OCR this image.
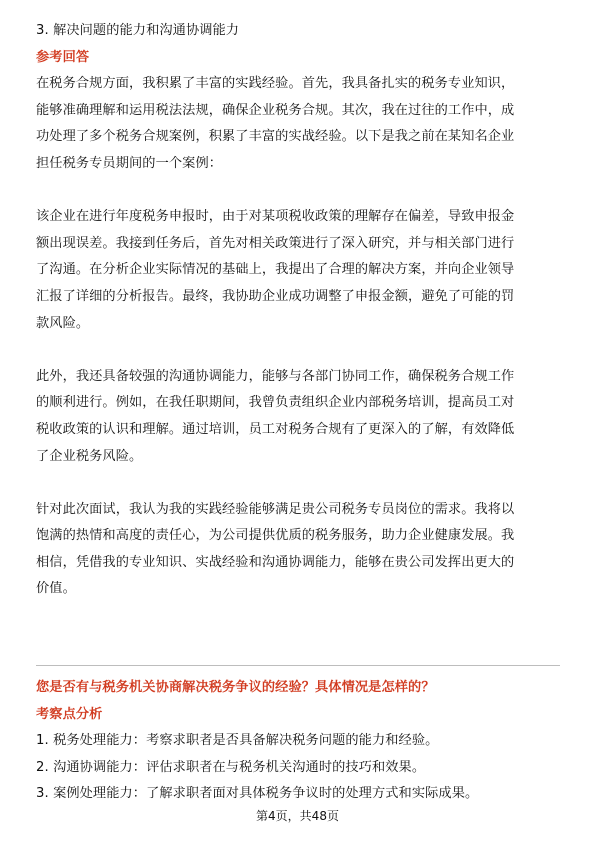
3. 解决问题的能力和沟通协调能力
参考回答
在税务合规方面，我积累了丰富的实践经验。首先，我具备扎实的税务专业知识，
能够准确理解和运用税法法规，确保企业税务合规。其次，我在过往的工作中，成
功处理了多个税务合规案例，积累了丰富的实战经验。以下是我之前在某知名企业
担任税务专员期间的一个案例：
该企业在进行年度税务申报时，由于对某项税收政策的理解存在偏差，导致申报金
额出现误差。我接到任务后，首先对相关政策进行了深入研究，并与相关部门进行
了沟通。在分析企业实际情况的基础上，我提出了合理的解决方案，并向企业领导
汇报了详细的分析报告。最终，我协助企业成功调整了申报金额，避免了可能的罚
款风险。
此外，我还具备较强的沟通协调能力，能够与各部门协同工作，确保税务合规工作
的顺利进行。例如，在我任职期间，我曾负责组织企业内部税务培训，提高员工对
税收政策的认识和理解。通过培训，员工对税务合规有了更深入的了解，有效降低
了企业税务风险。
针对此次面试，我认为我的实践经验能够满足贵公司税务专员岗位的需求。我将以
饱满的热情和高度的责任心，为公司提供优质的税务服务，助力企业健康发展。我
相信，凭借我的专业知识、实战经验和沟通协调能力，能够在贵公司发挥出更大的
价值。
您是否有与税务机关协商解决税务争议的经验？具体情况是怎样的？
考察点分析
1. 税务处理能力：考察求职者是否具备解决税务问题的能力和经验。
2. 沟通协调能力：评估求职者在与税务机关沟通时的技巧和效果。
3. 案例处理能力：了解求职者面对具体税务争议时的处理方式和实际成果。
第4页，共48页
